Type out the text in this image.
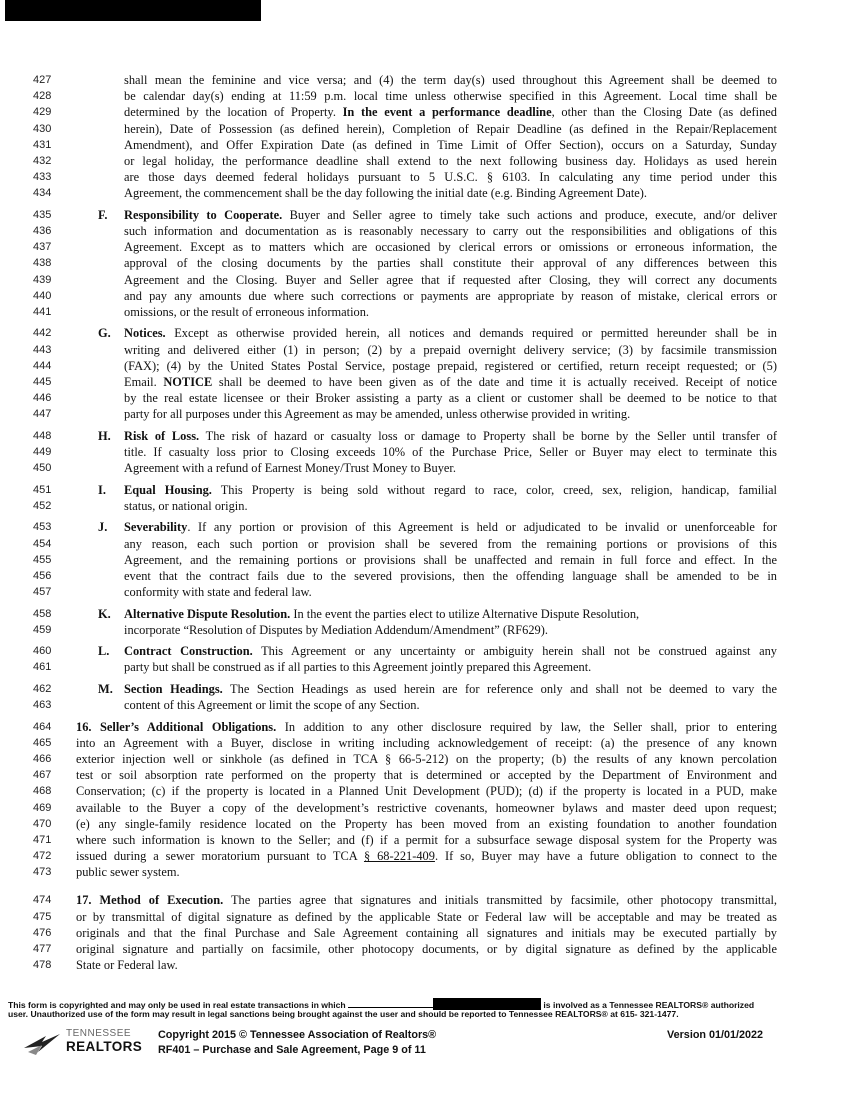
427	shall mean the feminine and vice versa; and (4) the term day(s) used throughout this Agreement shall be deemed to
428	be calendar day(s) ending at 11:59 p.m. local time unless otherwise specified in this Agreement. Local time shall be
429	determined by the location of Property. In the event a performance deadline, other than the Closing Date (as defined
430	herein), Date of Possession (as defined herein), Completion of Repair Deadline (as defined in the Repair/Replacement
431	Amendment), and Offer Expiration Date (as defined in Time Limit of Offer Section), occurs on a Saturday, Sunday
432	or legal holiday, the performance deadline shall extend to the next following business day. Holidays as used herein
433	are those days deemed federal holidays pursuant to 5 U.S.C. § 6103. In calculating any time period under this
434	Agreement, the commencement shall be the day following the initial date (e.g. Binding Agreement Date).
435	F. Responsibility to Cooperate. Buyer and Seller agree to timely take such actions and produce, execute, and/or deliver
436	such information and documentation as is reasonably necessary to carry out the responsibilities and obligations of this
437	Agreement. Except as to matters which are occasioned by clerical errors or omissions or erroneous information, the
438	approval of the closing documents by the parties shall constitute their approval of any differences between this
439	Agreement and the Closing. Buyer and Seller agree that if requested after Closing, they will correct any documents
440	and pay any amounts due where such corrections or payments are appropriate by reason of mistake, clerical errors or
441	omissions, or the result of erroneous information.
442	G. Notices. Except as otherwise provided herein, all notices and demands required or permitted hereunder shall be in
443	writing and delivered either (1) in person; (2) by a prepaid overnight delivery service; (3) by facsimile transmission
444	(FAX); (4) by the United States Postal Service, postage prepaid, registered or certified, return receipt requested; or (5)
445	Email. NOTICE shall be deemed to have been given as of the date and time it is actually received. Receipt of notice
446	by the real estate licensee or their Broker assisting a party as a client or customer shall be deemed to be notice to that
447	party for all purposes under this Agreement as may be amended, unless otherwise provided in writing.
448	H. Risk of Loss. The risk of hazard or casualty loss or damage to Property shall be borne by the Seller until transfer of
449	title. If casualty loss prior to Closing exceeds 10% of the Purchase Price, Seller or Buyer may elect to terminate this
450	Agreement with a refund of Earnest Money/Trust Money to Buyer.
451	I. Equal Housing. This Property is being sold without regard to race, color, creed, sex, religion, handicap, familial
452	status, or national origin.
453	J. Severability. If any portion or provision of this Agreement is held or adjudicated to be invalid or unenforceable for
454	any reason, each such portion or provision shall be severed from the remaining portions or provisions of this
455	Agreement, and the remaining portions or provisions shall be unaffected and remain in full force and effect. In the
456	event that the contract fails due to the severed provisions, then the offending language shall be amended to be in
457	conformity with state and federal law.
458	K. Alternative Dispute Resolution. In the event the parties elect to utilize Alternative Dispute Resolution,
459	incorporate “Resolution of Disputes by Mediation Addendum/Amendment” (RF629).
460	L. Contract Construction. This Agreement or any uncertainty or ambiguity herein shall not be construed against any
461	party but shall be construed as if all parties to this Agreement jointly prepared this Agreement.
462	M. Section Headings. The Section Headings as used herein are for reference only and shall not be deemed to vary the
463	content of this Agreement or limit the scope of any Section.
464	16. Seller’s Additional Obligations. In addition to any other disclosure required by law, the Seller shall, prior to entering
465	into an Agreement with a Buyer, disclose in writing including acknowledgement of receipt: (a) the presence of any known
466	exterior injection well or sinkhole (as defined in TCA § 66-5-212) on the property; (b) the results of any known percolation
467	test or soil absorption rate performed on the property that is determined or accepted by the Department of Environment and
468	Conservation; (c) if the property is located in a Planned Unit Development (PUD); (d) if the property is located in a PUD, make
469	available to the Buyer a copy of the development’s restrictive covenants, homeowner bylaws and master deed upon request;
470	(e) any single-family residence located on the Property has been moved from an existing foundation to another foundation
471	where such information is known to the Seller; and (f) if a permit for a subsurface sewage disposal system for the Property was
472	issued during a sewer moratorium pursuant to TCA § 68-221-409. If so, Buyer may have a future obligation to connect to the
473	public sewer system.
474	17. Method of Execution. The parties agree that signatures and initials transmitted by facsimile, other photocopy transmittal,
475	or by transmittal of digital signature as defined by the applicable State or Federal law will be acceptable and may be treated as
476	originals and that the final Purchase and Sale Agreement containing all signatures and initials may be executed partially by
477	original signature and partially on facsimile, other photocopy documents, or by digital signature as defined by the applicable
478	State or Federal law.
This form is copyrighted and may only be used in real estate transactions in which	is involved as a Tennessee REALTORS® authorized
user. Unauthorized use of the form may result in legal sanctions being brought against the user and should be reported to Tennessee REALTORS® at 615- 321-1477.
TENNESSEE
REALTORS
Copyright 2015 © Tennessee Association of Realtors®
RF401 – Purchase and Sale Agreement, Page 9 of 11
Version 01/01/2022
